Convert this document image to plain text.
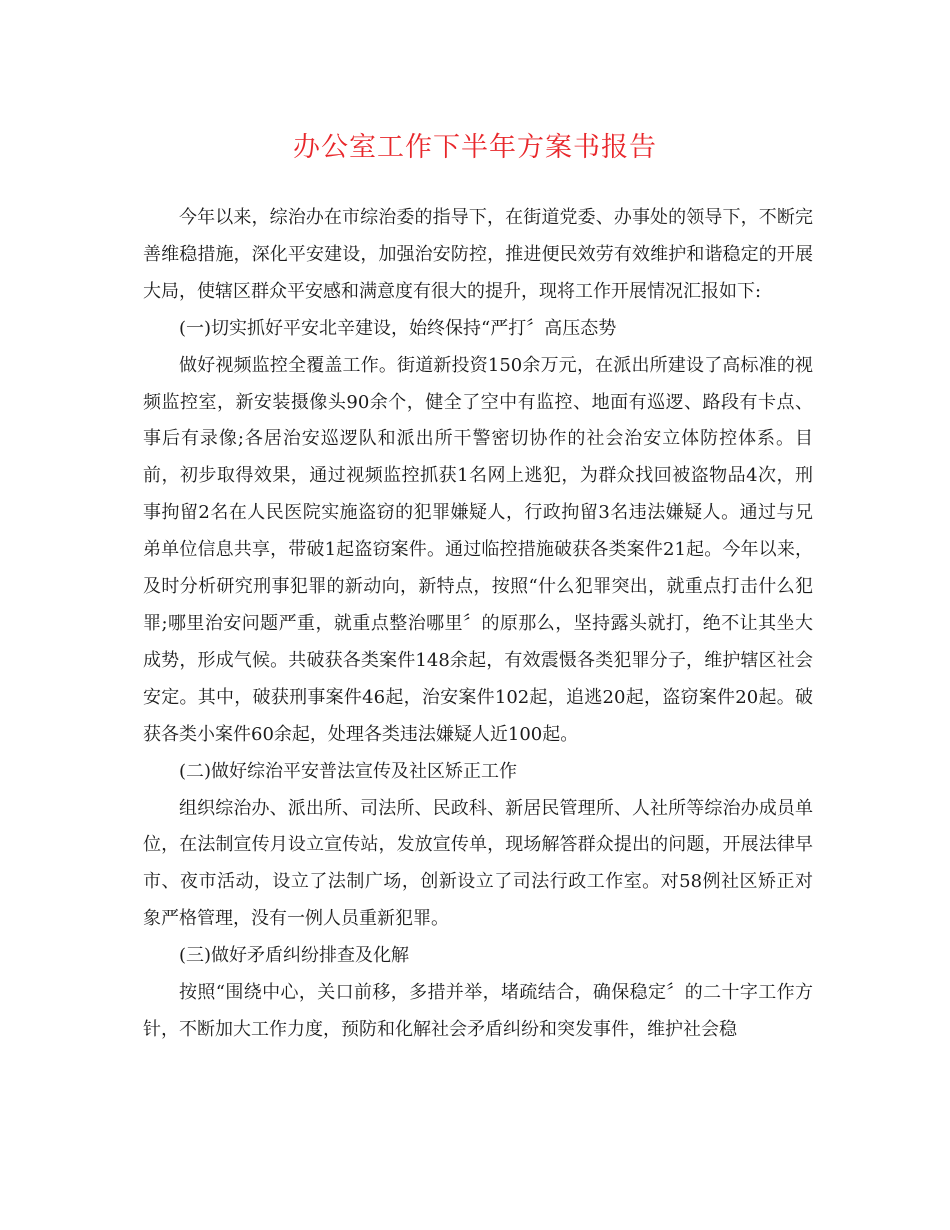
办公室工作下半年方案书报告

今年以来，综治办在市综治委的指导下，在街道党委、办事处的领导下，不断完善维稳措施，深化平安建设，加强治安防控，推进便民效劳有效维护和谐稳定的开展大局，使辖区群众平安感和满意度有很大的提升，现将工作开展情况汇报如下:

(一)切实抓好平安北辛建设，始终保持“严打〞高压态势

做好视频监控全覆盖工作。街道新投资150余万元，在派出所建设了高标准的视频监控室，新安装摄像头90余个，健全了空中有监控、地面有巡逻、路段有卡点、事后有录像;各居治安巡逻队和派出所干警密切协作的社会治安立体防控体系。目前，初步取得效果，通过视频监控抓获1名网上逃犯，为群众找回被盗物品4次，刑事拘留2名在人民医院实施盗窃的犯罪嫌疑人，行政拘留3名违法嫌疑人。通过与兄弟单位信息共享，带破1起盗窃案件。通过临控措施破获各类案件21起。今年以来，及时分析研究刑事犯罪的新动向，新特点，按照“什么犯罪突出，就重点打击什么犯罪;哪里治安问题严重，就重点整治哪里〞的原那么，坚持露头就打，绝不让其坐大成势，形成气候。共破获各类案件148余起，有效震慑各类犯罪分子，维护辖区社会安定。其中，破获刑事案件46起，治安案件102起，追逃20起，盗窃案件20起。破获各类小案件60余起，处理各类违法嫌疑人近100起。

(二)做好综治平安普法宣传及社区矫正工作

组织综治办、派出所、司法所、民政科、新居民管理所、人社所等综治办成员单位，在法制宣传月设立宣传站，发放宣传单，现场解答群众提出的问题，开展法律早市、夜市活动，设立了法制广场，创新设立了司法行政工作室。对58例社区矫正对象严格管理，没有一例人员重新犯罪。

(三)做好矛盾纠纷排查及化解

按照“围绕中心，关口前移，多措并举，堵疏结合，确保稳定〞的二十字工作方针，不断加大工作力度，预防和化解社会矛盾纠纷和突发事件，维护社会稳
